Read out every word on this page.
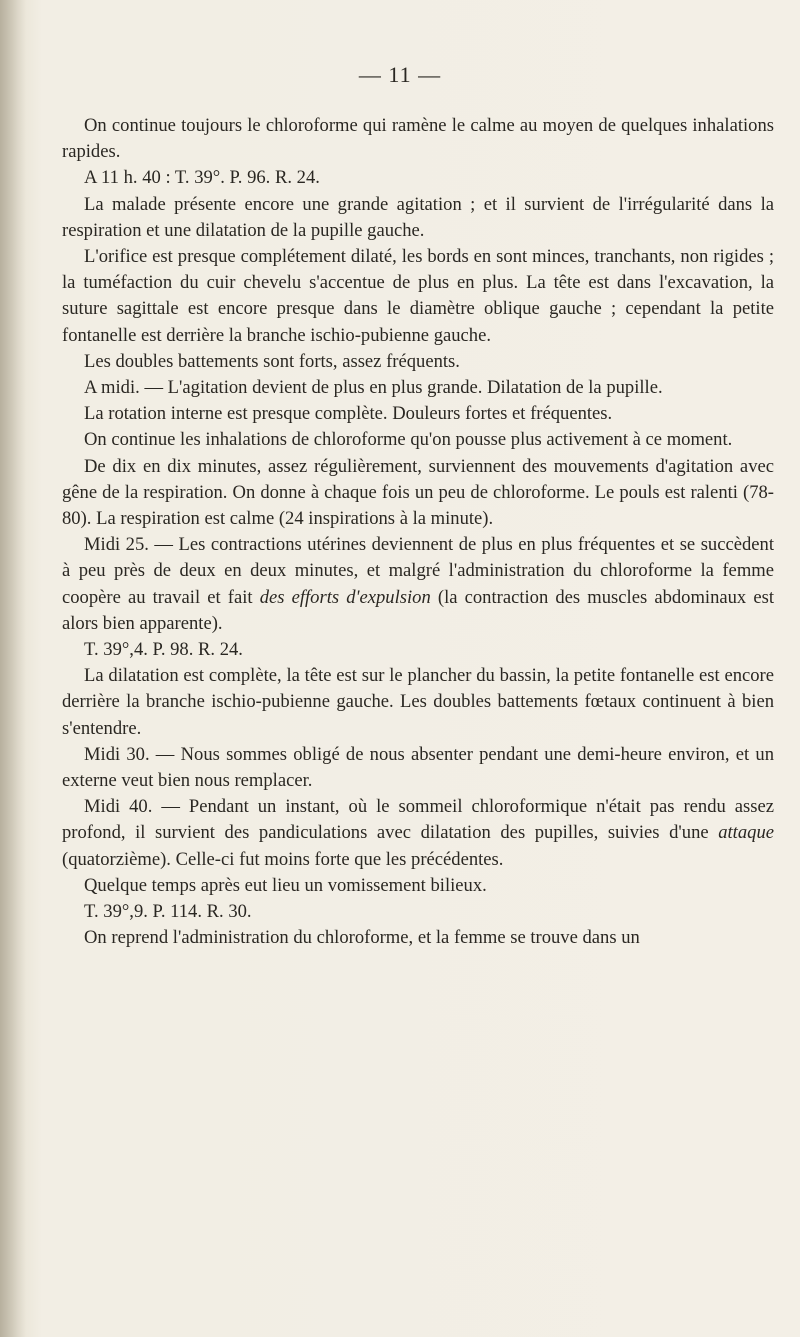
— 11 —

On continue toujours le chloroforme qui ramène le calme au moyen de quelques inhalations rapides.

A 11 h. 40 : T. 39°. P. 96. R. 24.

La malade présente encore une grande agitation ; et il survient de l'irrégularité dans la respiration et une dilatation de la pupille gauche.

L'orifice est presque complétement dilaté, les bords en sont minces, tranchants, non rigides ; la tuméfaction du cuir chevelu s'accentue de plus en plus. La tête est dans l'excavation, la suture sagittale est encore presque dans le diamètre oblique gauche ; cependant la petite fontanelle est derrière la branche ischio-pubienne gauche.

Les doubles battements sont forts, assez fréquents.

A midi. — L'agitation devient de plus en plus grande. Dilatation de la pupille.

La rotation interne est presque complète. Douleurs fortes et fréquentes.

On continue les inhalations de chloroforme qu'on pousse plus activement à ce moment.

De dix en dix minutes, assez régulièrement, surviennent des mouvements d'agitation avec gêne de la respiration. On donne à chaque fois un peu de chloroforme. Le pouls est ralenti (78-80). La respiration est calme (24 inspirations à la minute).

Midi 25. — Les contractions utérines deviennent de plus en plus fréquentes et se succèdent à peu près de deux en deux minutes, et malgré l'administration du chloroforme la femme coopère au travail et fait des efforts d'expulsion (la contraction des muscles abdominaux est alors bien apparente).

T. 39°,4. P. 98. R. 24.

La dilatation est complète, la tête est sur le plancher du bassin, la petite fontanelle est encore derrière la branche ischio-pubienne gauche. Les doubles battements fœtaux continuent à bien s'entendre.

Midi 30. — Nous sommes obligé de nous absenter pendant une demi-heure environ, et un externe veut bien nous remplacer.

Midi 40. — Pendant un instant, où le sommeil chloroformique n'était pas rendu assez profond, il survient des pandiculations avec dilatation des pupilles, suivies d'une attaque (quatorzième). Celle-ci fut moins forte que les précédentes.

Quelque temps après eut lieu un vomissement bilieux.

T. 39°,9. P. 114. R. 30.

On reprend l'administration du chloroforme, et la femme se trouve dans un
